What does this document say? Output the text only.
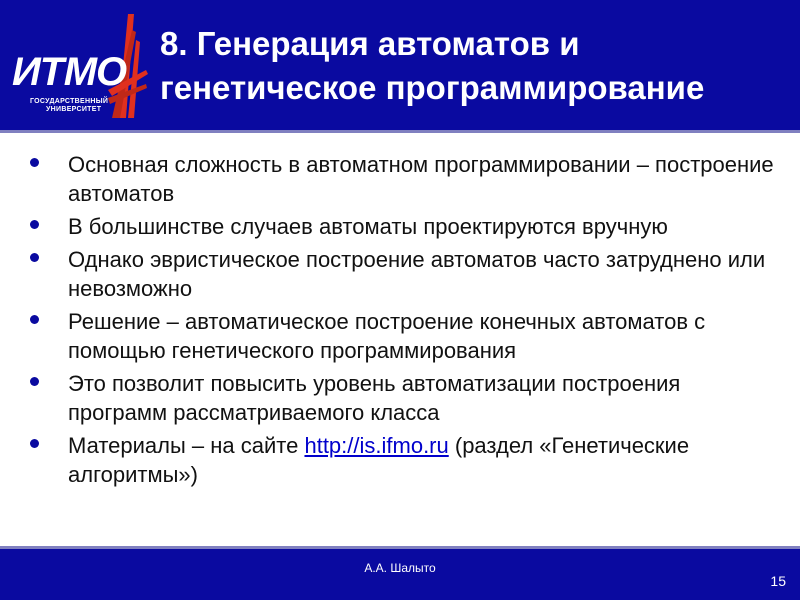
ИТМО
ГОСУДАРСТВЕННЫЙ
УНИВЕРСИТЕТ
8. Генерация автоматов и
генетическое программирование
Основная сложность в автоматном программировании – построение автоматов
В большинстве случаев автоматы проектируются вручную
Однако эвристическое построение автоматов часто затруднено или невозможно
Решение – автоматическое построение конечных автоматов с помощью генетического программирования
Это позволит повысить уровень автоматизации построения программ рассматриваемого класса
Материалы – на сайте http://is.ifmo.ru (раздел «Генетические алгоритмы»)
А.А. Шалыто
15
